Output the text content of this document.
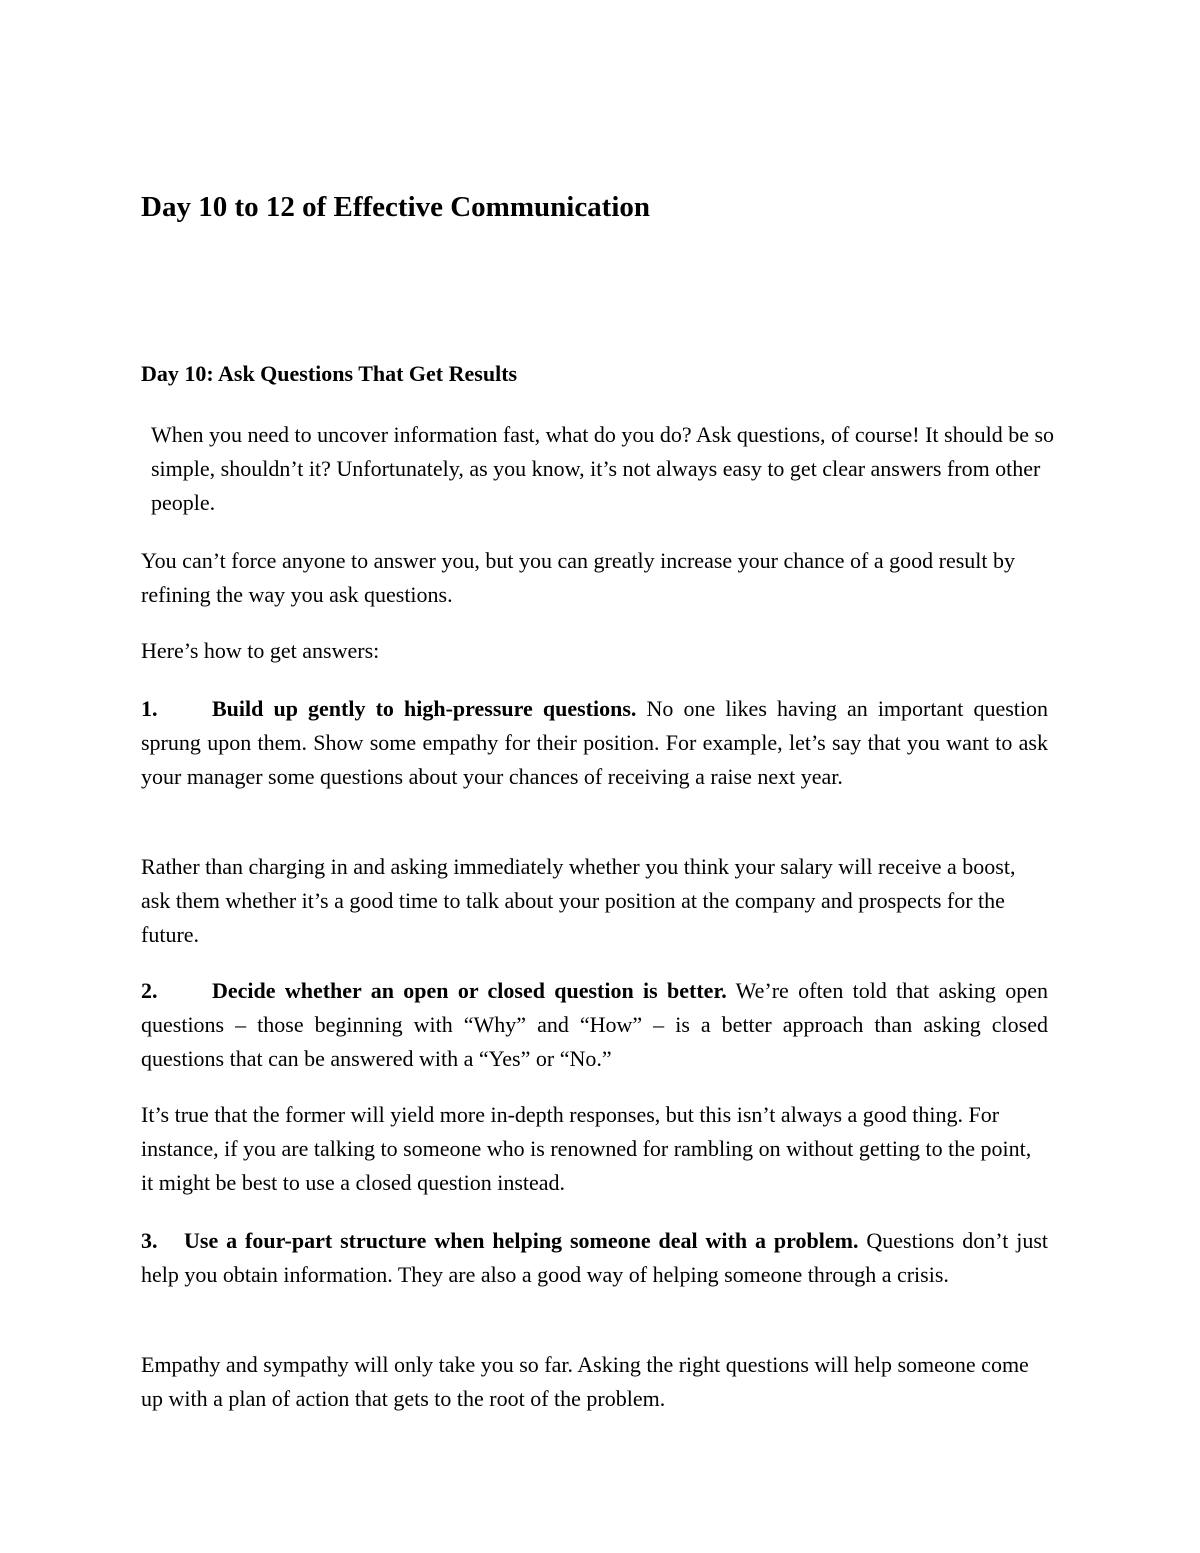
Day 10 to 12 of Effective Communication
Day 10: Ask Questions That Get Results

When you need to uncover information fast, what do you do? Ask questions, of course! It should be so simple, shouldn’t it? Unfortunately, as you know, it’s not always easy to get clear answers from other people.

You can’t force anyone to answer you, but you can greatly increase your chance of a good result by refining the way you ask questions.

Here’s how to get answers:

1. Build up gently to high-pressure questions. No one likes having an important question sprung upon them. Show some empathy for their position. For example, let’s say that you want to ask your manager some questions about your chances of receiving a raise next year.

Rather than charging in and asking immediately whether you think your salary will receive a boost, ask them whether it’s a good time to talk about your position at the company and prospects for the future.

2. Decide whether an open or closed question is better. We’re often told that asking open questions – those beginning with “Why” and “How” – is a better approach than asking closed questions that can be answered with a “Yes” or “No.”

It’s true that the former will yield more in-depth responses, but this isn’t always a good thing. For instance, if you are talking to someone who is renowned for rambling on without getting to the point, it might be best to use a closed question instead.

3. Use a four-part structure when helping someone deal with a problem. Questions don’t just help you obtain information. They are also a good way of helping someone through a crisis.

Empathy and sympathy will only take you so far. Asking the right questions will help someone come up with a plan of action that gets to the root of the problem.
